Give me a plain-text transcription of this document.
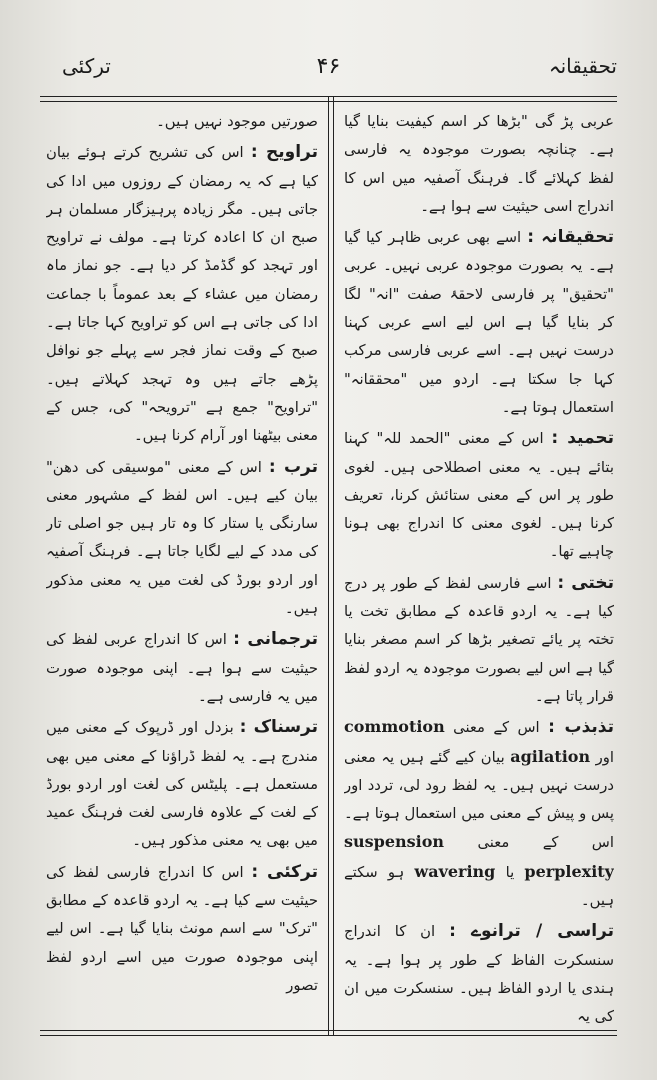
تحقیقانہ
۴۶
ترکئی

عربی پڑ گی "بڑھا کر اسم کیفیت بنایا گیا ہے۔ چنانچہ بصورت موجودہ یہ فارسی لفظ کہلائے گا۔ فرہنگ آصفیہ میں اس کا اندراج اسی حیثیت سے ہوا ہے۔

تحقیقانہ : اسے بھی عربی ظاہر کیا گیا ہے۔ یہ بصورت موجودہ عربی نہیں۔ عربی "تحقیق" پر فارسی لاحقۂ صفت "انہ" لگا کر بنایا گیا ہے اس لیے اسے عربی کہنا درست نہیں ہے۔ اسے عربی فارسی مرکب کہا جا سکتا ہے۔ اردو میں "محققانہ" استعمال ہوتا ہے۔

تحمید : اس کے معنی "الحمد للہ" کہنا بتائے ہیں۔ یہ معنی اصطلاحی ہیں۔ لغوی طور پر اس کے معنی ستائش کرنا، تعریف کرنا ہیں۔ لغوی معنی کا اندراج بھی ہونا چاہیے تھا۔

تختی : اسے فارسی لفظ کے طور پر درج کیا ہے۔ یہ اردو قاعدہ کے مطابق تخت یا تختہ پر یائے تصغیر بڑھا کر اسم مصغر بنایا گیا ہے اس لیے بصورت موجودہ یہ اردو لفظ قرار پاتا ہے۔

تذبذب : اس کے معنی commotion اور agilation بیان کیے گئے ہیں یہ معنی درست نہیں ہیں۔ یہ لفظ رود لی، تردد اور پس و پیش کے معنی میں استعمال ہوتا ہے۔ اس کے معنی suspension perplexity یا wavering ہو سکتے ہیں۔

تراسی / ترانوے : ان کا اندراج سنسکرت الفاظ کے طور پر ہوا ہے۔ یہ ہندی یا اردو الفاظ ہیں۔ سنسکرت میں ان کی یہ

صورتیں موجود نہیں ہیں۔

تراویح : اس کی تشریح کرتے ہوئے بیان کیا ہے کہ یہ رمضان کے روزوں میں ادا کی جاتی ہیں۔ مگر زیادہ پرہیزگار مسلمان ہر صبح ان کا اعادہ کرتا ہے۔ مولف نے تراویح اور تہجد کو گڈمڈ کر دیا ہے۔ جو نماز ماہ رمضان میں عشاء کے بعد عموماً با جماعت ادا کی جاتی ہے اس کو تراویح کہا جاتا ہے۔ صبح کے وقت نماز فجر سے پہلے جو نوافل پڑھے جاتے ہیں وہ تہجد کہلاتے ہیں۔ "تراویح" جمع ہے "ترویحہ" کی، جس کے معنی بیٹھنا اور آرام کرنا ہیں۔

ترب : اس کے معنی "موسیقی کی دھن" بیان کیے ہیں۔ اس لفظ کے مشہور معنی سارنگی یا ستار کا وہ تار ہیں جو اصلی تار کی مدد کے لیے لگایا جاتا ہے۔ فرہنگ آصفیہ اور اردو بورڈ کی لغت میں یہ معنی مذکور ہیں۔

ترجمانی : اس کا اندراج عربی لفظ کی حیثیت سے ہوا ہے۔ اپنی موجودہ صورت میں یہ فارسی ہے۔

ترسناک : بزدل اور ڈرپوک کے معنی میں مندرج ہے۔ یہ لفظ ڈراؤنا کے معنی میں بھی مستعمل ہے۔ پلیٹس کی لغت اور اردو بورڈ کے لغت کے علاوہ فارسی لغت فرہنگ عمید میں بھی یہ معنی مذکور ہیں۔

ترکئی : اس کا اندراج فارسی لفظ کی حیثیت سے کیا ہے۔ یہ اردو قاعدہ کے مطابق "ترک" سے اسم مونث بنایا گیا ہے۔ اس لیے اپنی موجودہ صورت میں اسے اردو لفظ تصور
